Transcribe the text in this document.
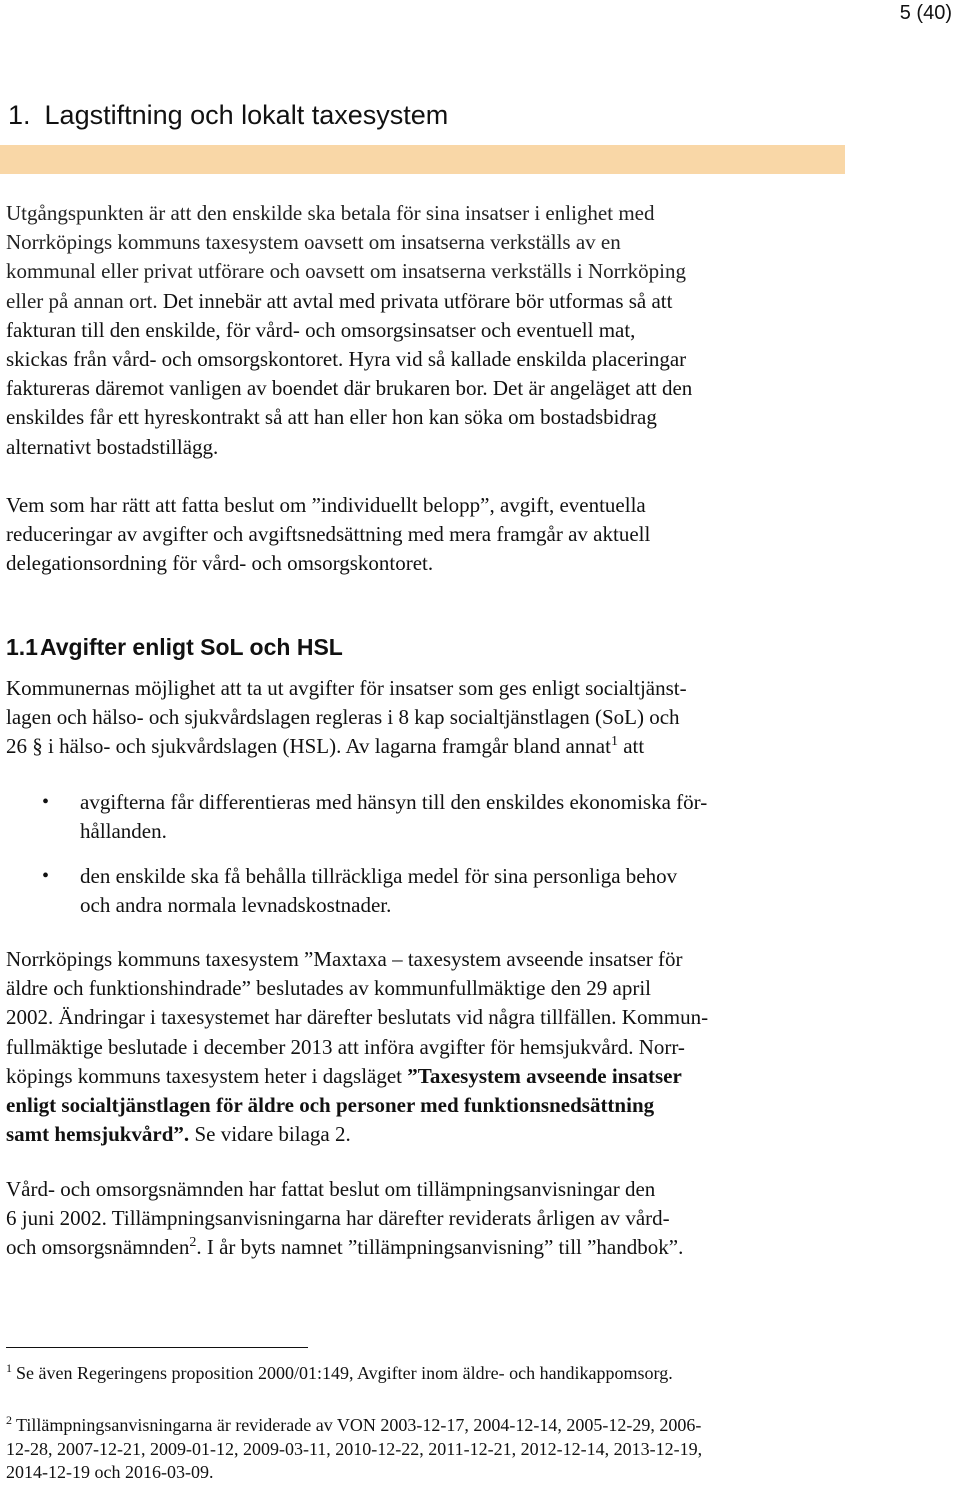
5 (40)
1. Lagstiftning och lokalt taxesystem

Utgångspunkten är att den enskilde ska betala för sina insatser i enlighet med
Norrköpings kommuns taxesystem oavsett om insatserna verkställs av en
kommunal eller privat utförare och oavsett om insatserna verkställs i Norrköping
eller på annan ort. Det innebär att avtal med privata utförare bör utformas så att
fakturan till den enskilde, för vård- och omsorgsinsatser och eventuell mat,
skickas från vård- och omsorgskontoret. Hyra vid så kallade enskilda placeringar
faktureras däremot vanligen av boendet där brukaren bor. Det är angeläget att den
enskildes får ett hyreskontrakt så att han eller hon kan söka om bostadsbidrag
alternativt bostadstillägg.

Vem som har rätt att fatta beslut om ”individuellt belopp”, avgift, eventuella
reduceringar av avgifter och avgiftsnedsättning med mera framgår av aktuell
delegationsordning för vård- och omsorgskontoret.

1.1Avgifter enligt SoL och HSL

Kommunernas möjlighet att ta ut avgifter för insatser som ges enligt socialtjänst-
lagen och hälso- och sjukvårdslagen regleras i 8 kap socialtjänstlagen (SoL) och
26 § i hälso- och sjukvårdslagen (HSL). Av lagarna framgår bland annat$^1$ att

• avgifterna får differentieras med hänsyn till den enskildes ekonomiska för-
hållanden.

• den enskilde ska få behålla tillräckliga medel för sina personliga behov
och andra normala levnadskostnader.

Norrköpings kommuns taxesystem ”Maxtaxa – taxesystem avseende insatser för
äldre och funktionshindrade” beslutades av kommunfullmäktige den 29 april
2002. Ändringar i taxesystemet har därefter beslutats vid några tillfällen. Kommun-
fullmäktige beslutade i december 2013 att införa avgifter för hemsjukvård. Norr-
köpings kommuns taxesystem heter i dagsläget ”Taxesystem avseende insatser
enligt socialtjänstlagen för äldre och personer med funktionsnedsättning
samt hemsjukvård”. Se vidare bilaga 2.

Vård- och omsorgsnämnden har fattat beslut om tillämpningsanvisningar den
6 juni 2002. Tillämpningsanvisningarna har därefter reviderats årligen av vård-
och omsorgsnämnden$^2$. I år byts namnet ”tillämpningsanvisning” till ”handbok”.

$^1$ Se även Regeringens proposition 2000/01:149, Avgifter inom äldre- och handikappomsorg.

$^2$ Tillämpningsanvisningarna är reviderade av VON 2003-12-17, 2004-12-14, 2005-12-29, 2006-
12-28, 2007-12-21, 2009-01-12, 2009-03-11, 2010-12-22, 2011-12-21, 2012-12-14, 2013-12-19,
2014-12-19 och 2016-03-09.
